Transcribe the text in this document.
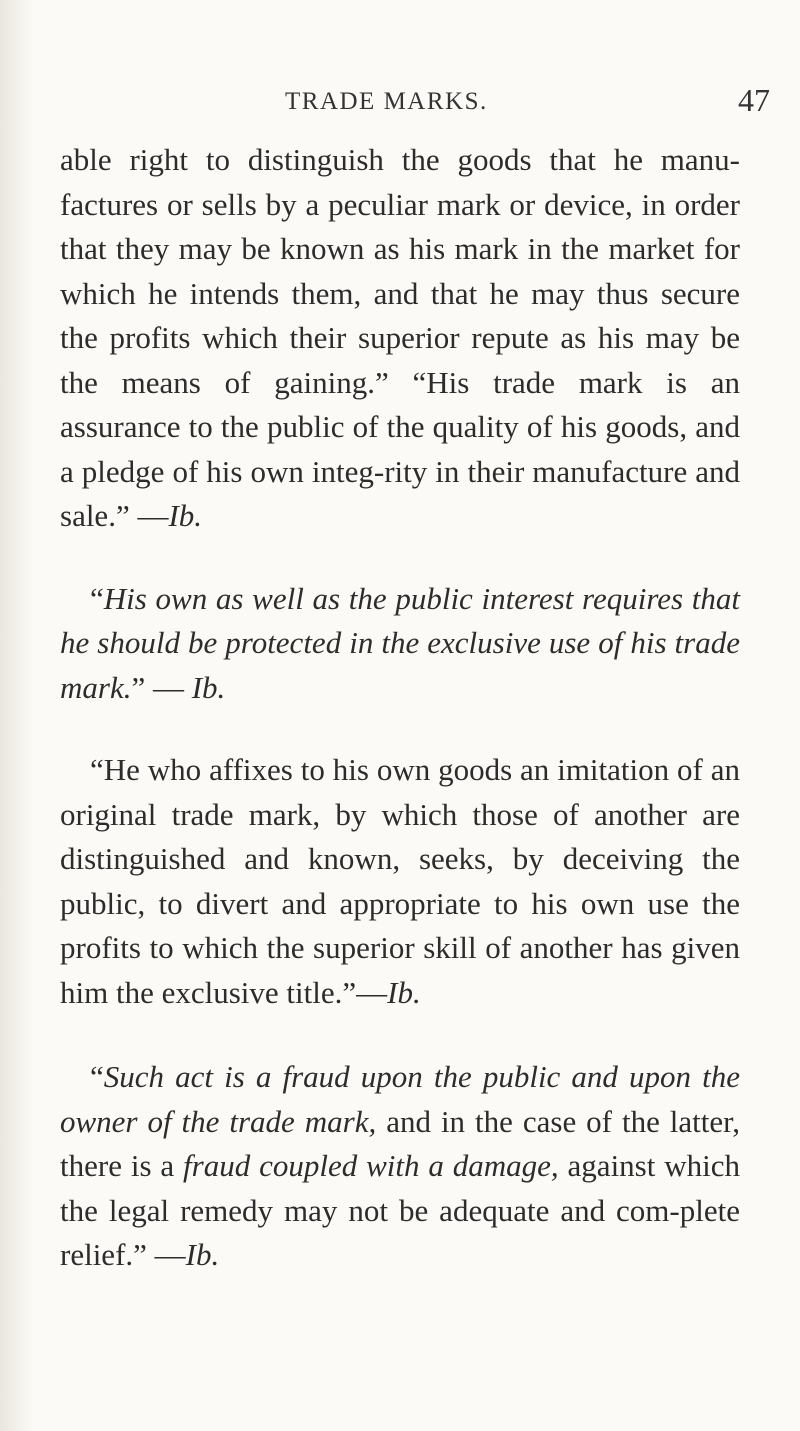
TRADE MARKS.	47

able right to distinguish the goods that he manu-factures or sells by a peculiar mark or device, in order that they may be known as his mark in the market for which he intends them, and that he may thus secure the profits which their superior repute as his may be the means of gaining.” “His trade mark is an assurance to the public of the quality of his goods, and a pledge of his own integ-rity in their manufacture and sale.” —Ib.

“His own as well as the public interest requires that he should be protected in the exclusive use of his trade mark.” — Ib.

“He who affixes to his own goods an imitation of an original trade mark, by which those of another are distinguished and known, seeks, by deceiving the public, to divert and appropriate to his own use the profits to which the superior skill of another has given him the exclusive title.”—Ib.

“Such act is a fraud upon the public and upon the owner of the trade mark, and in the case of the latter, there is a fraud coupled with a damage, against which the legal remedy may not be adequate and com-plete relief.” —Ib.
